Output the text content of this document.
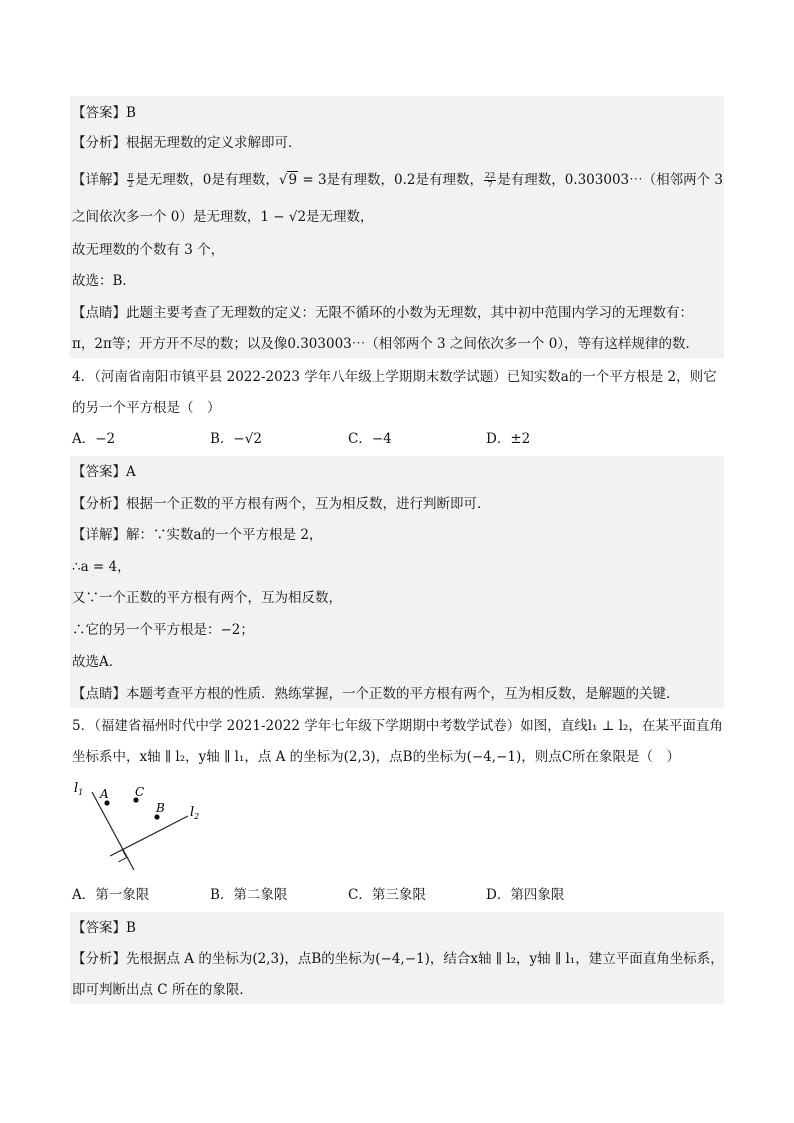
【答案】B
【分析】根据无理数的定义求解即可．
【详解】 $\frac{\pi}{2}$ 是无理数，0是有理数，√9 = 3是有理数，0.2是有理数， $\frac{22}{7}$ 是有理数，0.303003⋯（相邻两个 3
之间依次多一个 0）是无理数，1 − √2是无理数，
故无理数的个数有 3 个，
故选：B．
【点睛】此题主要考查了无理数的定义：无限不循环的小数为无理数，其中初中范围内学习的无理数有：
π，2π等；开方开不尽的数；以及像0.303003⋯（相邻两个 3 之间依次多一个 0），等有这样规律的数．
4．（河南省南阳市镇平县 2022-2023 学年八年级上学期期末数学试题）已知实数a的一个平方根是 2，则它
的另一个平方根是（　）
A．−2	B．−√2	C．−4	D．±2
【答案】A
【分析】根据一个正数的平方根有两个，互为相反数，进行判断即可．
【详解】解：∵实数a的一个平方根是 2，
∴a = 4，
又∵一个正数的平方根有两个，互为相反数，
∴它的另一个平方根是：−2；
故选A．
【点睛】本题考查平方根的性质．熟练掌握，一个正数的平方根有两个，互为相反数，是解题的关键．
5．（福建省福州时代中学 2021-2022 学年七年级下学期期中考数学试卷）如图，直线l₁ ⊥ l₂，在某平面直角
坐标系中，x轴 ∥ l₂，y轴 ∥ l₁，点 A 的坐标为(2,3)，点B的坐标为(−4,−1)，则点C所在象限是（　）
$l_1$
$l_2$
A C
B
A．第一象限	B．第二象限	C．第三象限	D．第四象限
【答案】B
【分析】先根据点 A 的坐标为(2,3)，点B的坐标为(−4,−1)，结合x轴 ∥ l₂，y轴 ∥ l₁，建立平面直角坐标系，
即可判断出点 C 所在的象限．
